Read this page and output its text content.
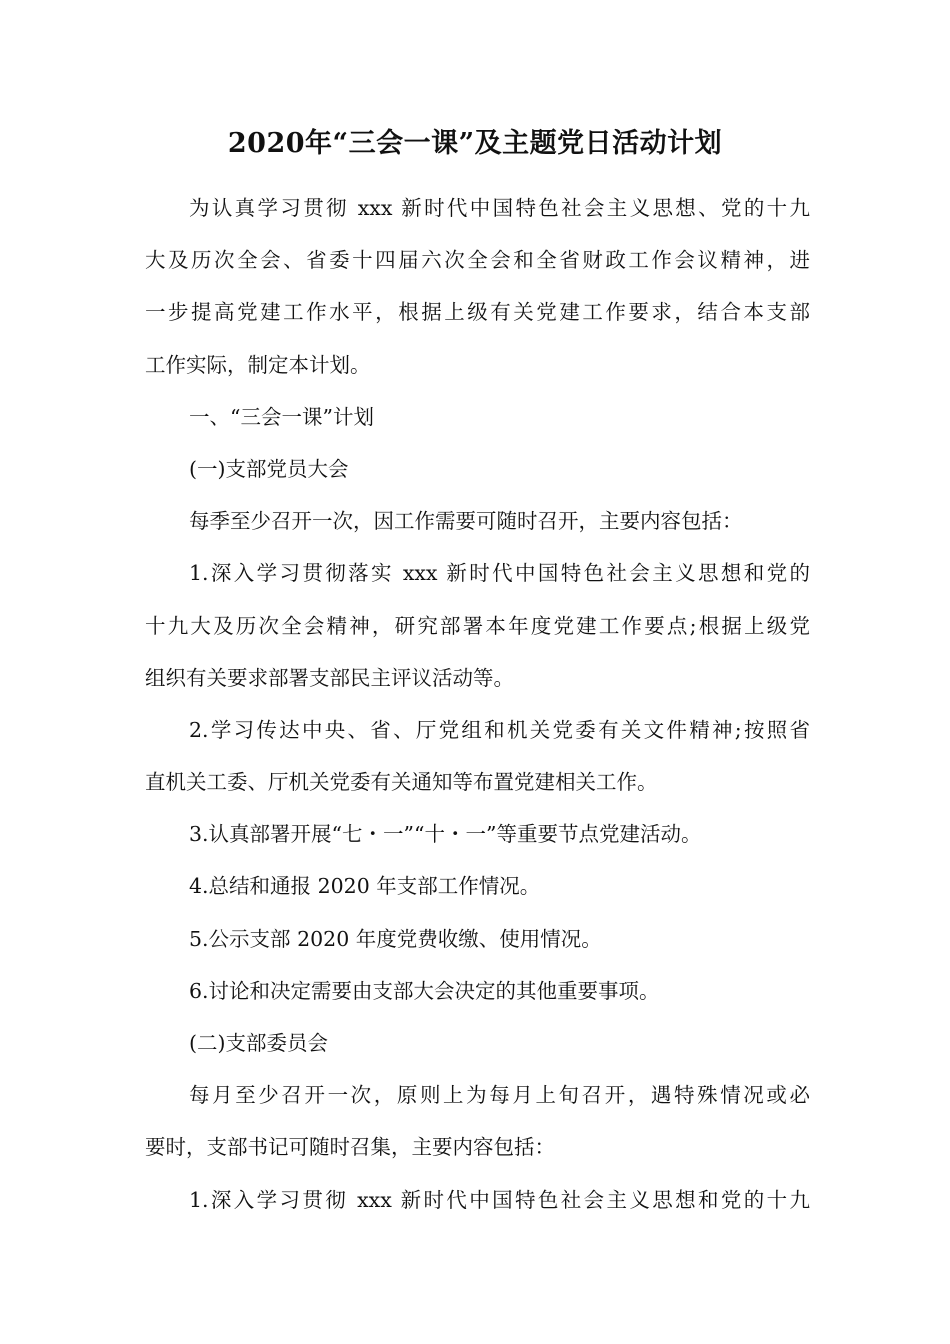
2020年“三会一课”及主题党日活动计划
为认真学习贯彻 xxx 新时代中国特色社会主义思想、党的十九
大及历次全会、省委十四届六次全会和全省财政工作会议精神，进
一步提高党建工作水平，根据上级有关党建工作要求，结合本支部
工作实际，制定本计划。
一、“三会一课”计划
(一)支部党员大会
每季至少召开一次，因工作需要可随时召开，主要内容包括：
1.深入学习贯彻落实 xxx 新时代中国特色社会主义思想和党的
十九大及历次全会精神，研究部署本年度党建工作要点;根据上级党
组织有关要求部署支部民主评议活动等。
2.学习传达中央、省、厅党组和机关党委有关文件精神;按照省
直机关工委、厅机关党委有关通知等布置党建相关工作。
3.认真部署开展“七・一”“十・一”等重要节点党建活动。
4.总结和通报 2020 年支部工作情况。
5.公示支部 2020 年度党费收缴、使用情况。
6.讨论和决定需要由支部大会决定的其他重要事项。
(二)支部委员会
每月至少召开一次，原则上为每月上旬召开，遇特殊情况或必
要时，支部书记可随时召集，主要内容包括：
1.深入学习贯彻 xxx 新时代中国特色社会主义思想和党的十九
